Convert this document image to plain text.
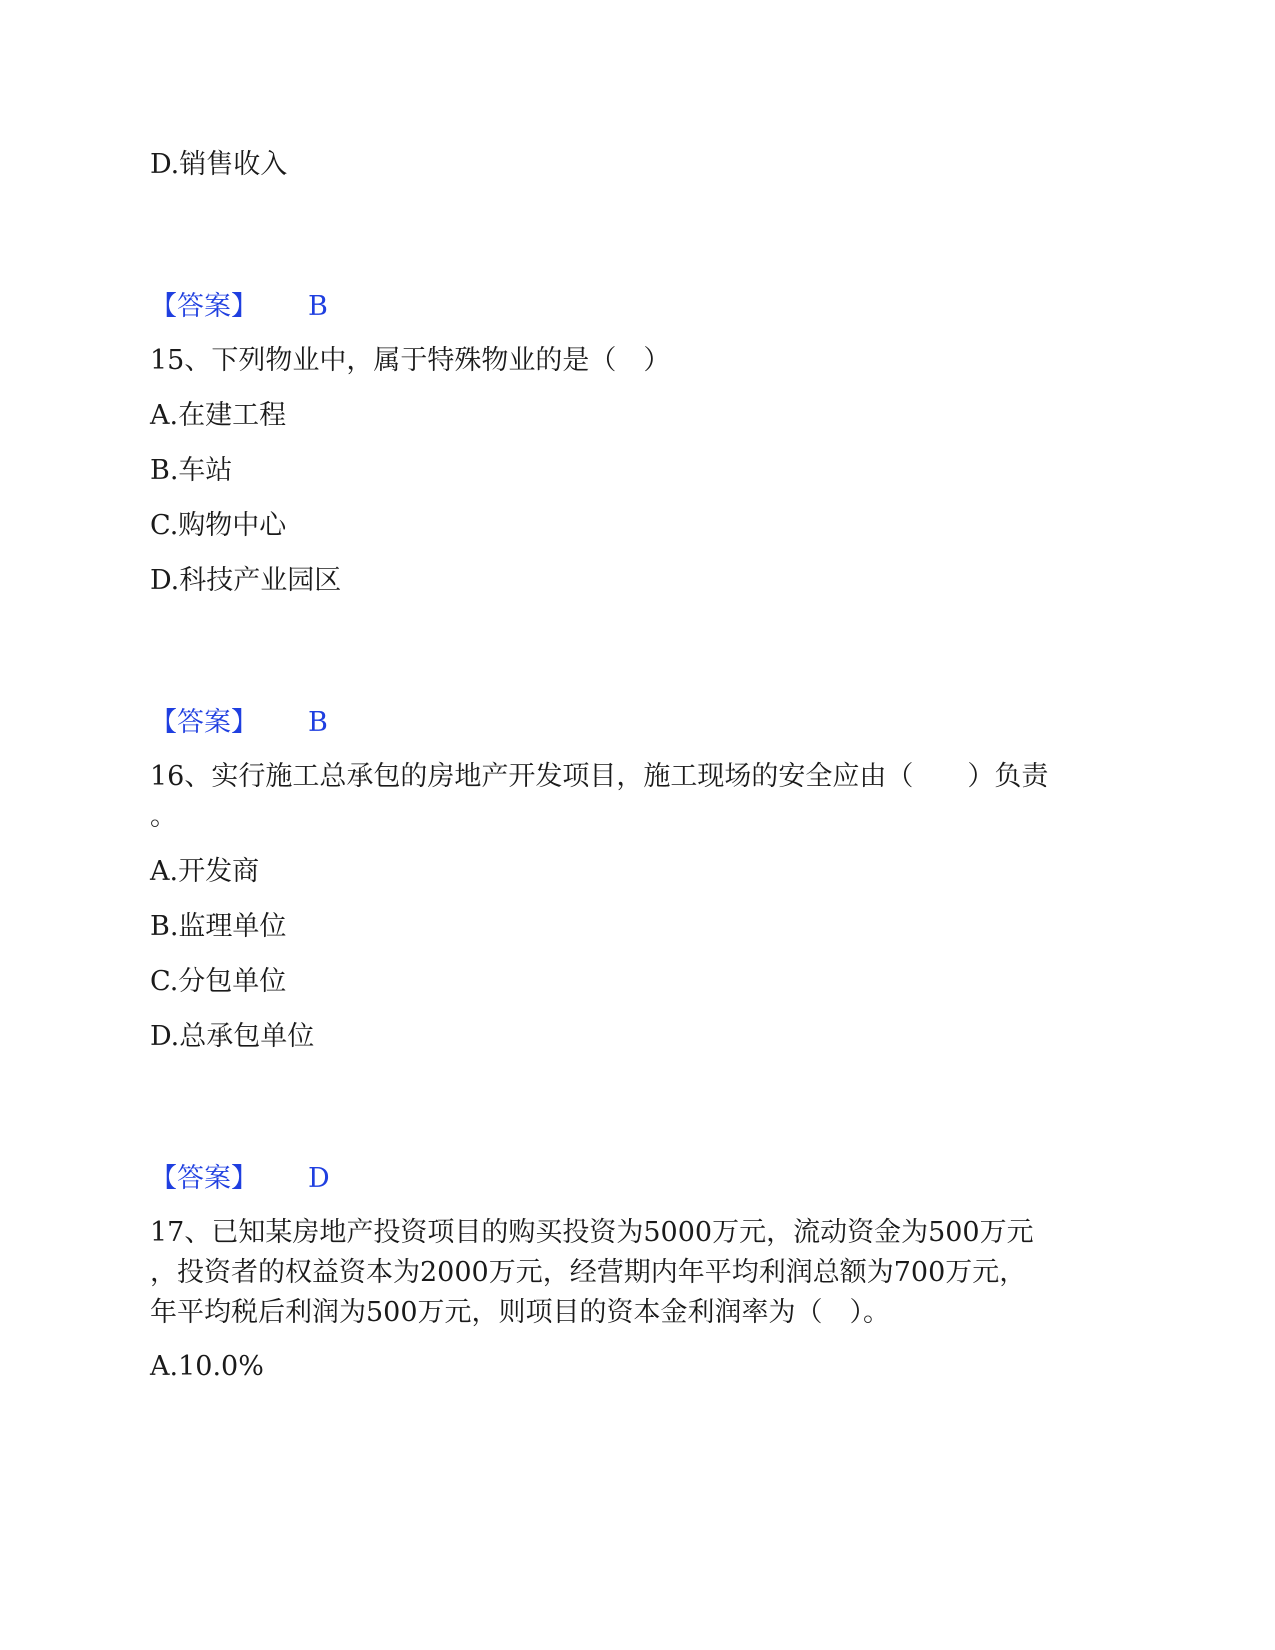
D.销售收入
【答案】 B
15、下列物业中，属于特殊物业的是（　）
A.在建工程
B.车站
C.购物中心
D.科技产业园区
【答案】 B
16、实行施工总承包的房地产开发项目，施工现场的安全应由（　　）负责
。
A.开发商
B.监理单位
C.分包单位
D.总承包单位
【答案】 D
17、已知某房地产投资项目的购买投资为5000万元，流动资金为500万元
，投资者的权益资本为2000万元，经营期内年平均利润总额为700万元，
年平均税后利润为500万元，则项目的资本金利润率为（　）。
A.10.0%
